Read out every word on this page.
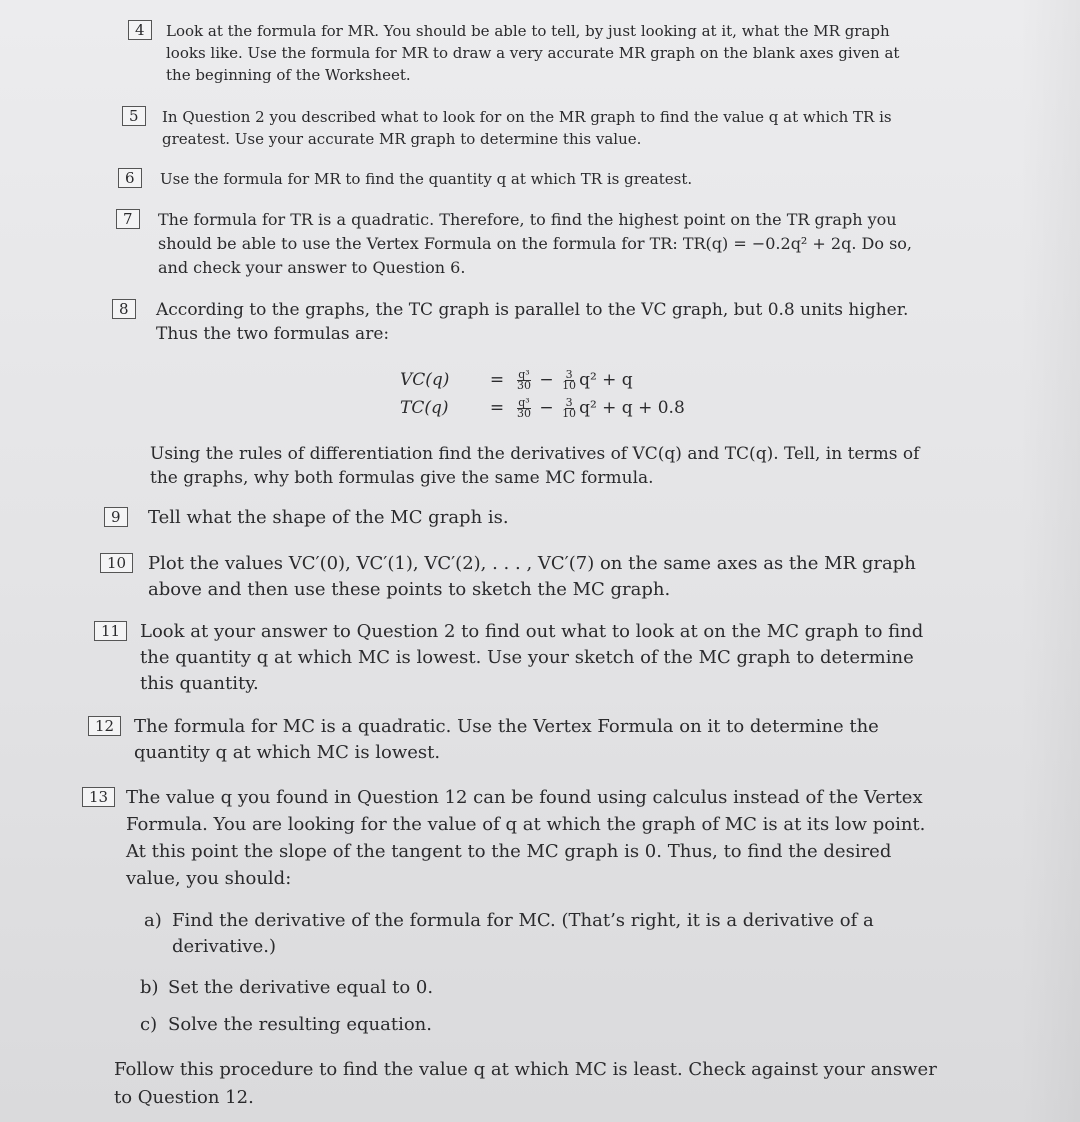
4	Look at the formula for MR. You should be able to tell, by just looking at it, what the MR graph looks like. Use the formula for MR to draw a very accurate MR graph on the blank axes given at the beginning of the Worksheet.
5	In Question 2 you described what to look for on the MR graph to find the value q at which TR is greatest. Use your accurate MR graph to determine this value.
6	Use the formula for MR to find the quantity q at which TR is greatest.
7	The formula for TR is a quadratic. Therefore, to find the highest point on the TR graph you should be able to use the Vertex Formula on the formula for TR: TR(q) = −0.2q² + 2q. Do so, and check your answer to Question 6.
8	According to the graphs, the TC graph is parallel to the VC graph, but 0.8 units higher. Thus the two formulas are:
VC(q)	=	$\frac{\text{q³}}{30} - \frac{3}{10} q^2 + q$
TC(q)	=	$\frac{\text{q³}}{30} - \frac{3}{10} q^2 + q + 0.8$
Using the rules of differentiation find the derivatives of VC(q) and TC(q). Tell, in terms of the graphs, why both formulas give the same MC formula.
9	Tell what the shape of the MC graph is.
10	Plot the values VC′(0), VC′(1), VC′(2), . . . , VC′(7) on the same axes as the MR graph above and then use these points to sketch the MC graph.
11	Look at your answer to Question 2 to find out what to look at on the MC graph to find the quantity q at which MC is lowest. Use your sketch of the MC graph to determine this quantity.
12	The formula for MC is a quadratic. Use the Vertex Formula on it to determine the quantity q at which MC is lowest.
13 The value q you found in Question 12 can be found using calculus instead of the Vertex Formula. You are looking for the value of q at which the graph of MC is at its low point. At this point the slope of the tangent to the MC graph is 0. Thus, to find the desired value, you should:
a) Find the derivative of the formula for MC. (That’s right, it is a derivative of a derivative.)
b) Set the derivative equal to 0.
c) Solve the resulting equation.
Follow this procedure to find the value q at which MC is least. Check against your answer to Question 12.
